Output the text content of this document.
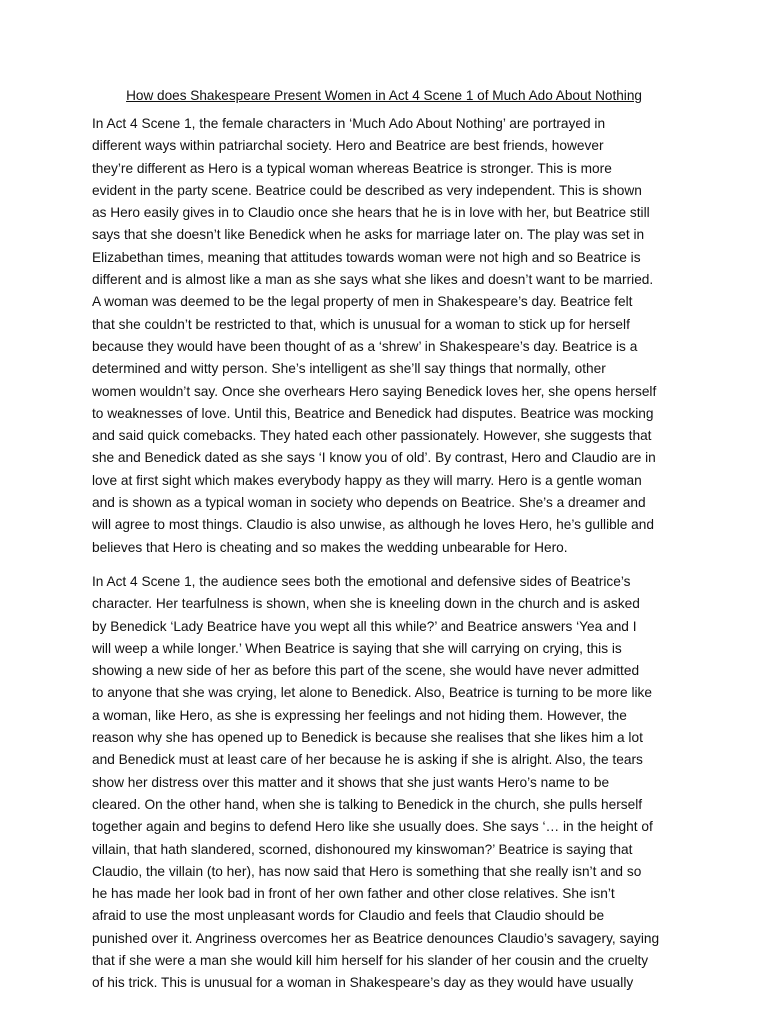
How does Shakespeare Present Women in Act 4 Scene 1 of Much Ado About Nothing
In Act 4 Scene 1, the female characters in ‘Much Ado About Nothing’ are portrayed in
different ways within patriarchal society. Hero and Beatrice are best friends, however
they’re different as Hero is a typical woman whereas Beatrice is stronger. This is more
evident in the party scene. Beatrice could be described as very independent. This is shown
as Hero easily gives in to Claudio once she hears that he is in love with her, but Beatrice still
says that she doesn’t like Benedick when he asks for marriage later on. The play was set in
Elizabethan times, meaning that attitudes towards woman were not high and so Beatrice is
different and is almost like a man as she says what she likes and doesn’t want to be married.
A woman was deemed to be the legal property of men in Shakespeare’s day. Beatrice felt
that she couldn’t be restricted to that, which is unusual for a woman to stick up for herself
because they would have been thought of as a ‘shrew’ in Shakespeare’s day. Beatrice is a
determined and witty person. She’s intelligent as she’ll say things that normally, other
women wouldn’t say. Once she overhears Hero saying Benedick loves her, she opens herself
to weaknesses of love. Until this, Beatrice and Benedick had disputes. Beatrice was mocking
and said quick comebacks. They hated each other passionately. However, she suggests that
she and Benedick dated as she says ‘I know you of old’. By contrast, Hero and Claudio are in
love at first sight which makes everybody happy as they will marry. Hero is a gentle woman
and is shown as a typical woman in society who depends on Beatrice. She’s a dreamer and
will agree to most things. Claudio is also unwise, as although he loves Hero, he’s gullible and
believes that Hero is cheating and so makes the wedding unbearable for Hero.
In Act 4 Scene 1, the audience sees both the emotional and defensive sides of Beatrice’s
character. Her tearfulness is shown, when she is kneeling down in the church and is asked
by Benedick ‘Lady Beatrice have you wept all this while?’ and Beatrice answers ‘Yea and I
will weep a while longer.’ When Beatrice is saying that she will carrying on crying, this is
showing a new side of her as before this part of the scene, she would have never admitted
to anyone that she was crying, let alone to Benedick. Also, Beatrice is turning to be more like
a woman, like Hero, as she is expressing her feelings and not hiding them. However, the
reason why she has opened up to Benedick is because she realises that she likes him a lot
and Benedick must at least care of her because he is asking if she is alright. Also, the tears
show her distress over this matter and it shows that she just wants Hero’s name to be
cleared. On the other hand, when she is talking to Benedick in the church, she pulls herself
together again and begins to defend Hero like she usually does. She says ‘… in the height of
villain, that hath slandered, scorned, dishonoured my kinswoman?’ Beatrice is saying that
Claudio, the villain (to her), has now said that Hero is something that she really isn’t and so
he has made her look bad in front of her own father and other close relatives. She isn’t
afraid to use the most unpleasant words for Claudio and feels that Claudio should be
punished over it. Angriness overcomes her as Beatrice denounces Claudio’s savagery, saying
that if she were a man she would kill him herself for his slander of her cousin and the cruelty
of his trick. This is unusual for a woman in Shakespeare’s day as they would have usually
